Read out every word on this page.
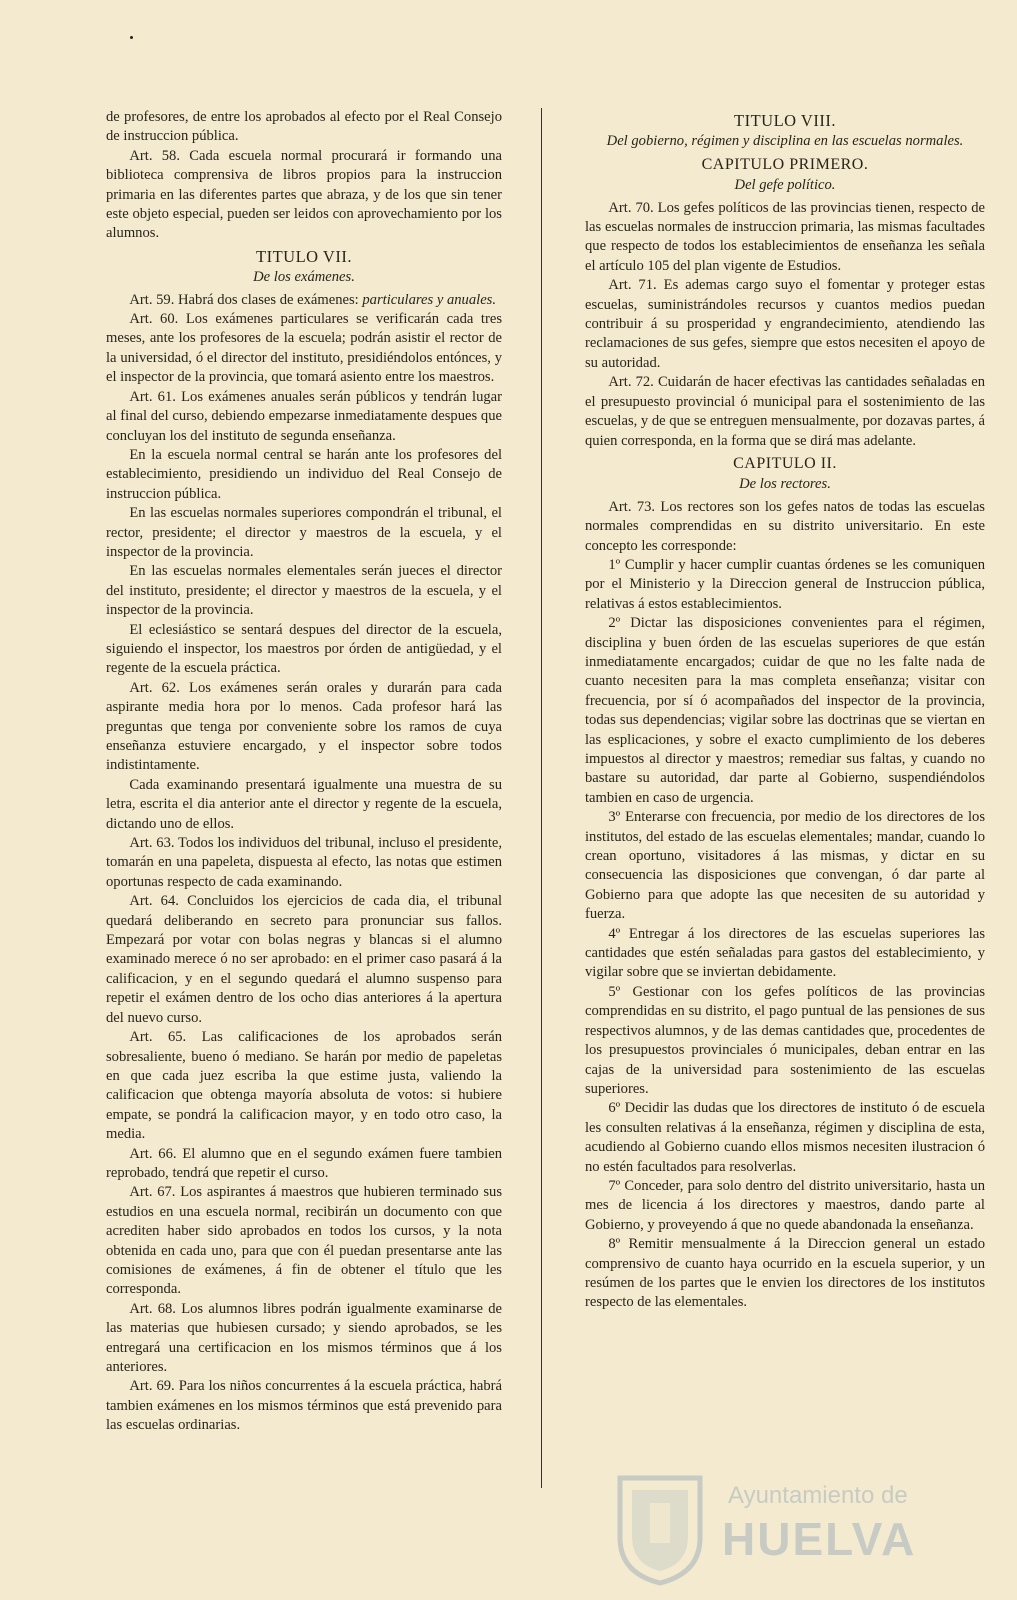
de profesores, de entre los aprobados al efecto por el Real Consejo de instruccion pública.

Art. 58. Cada escuela normal procurará ir formando una biblioteca comprensiva de libros propios para la instruccion primaria en las diferentes partes que abraza, y de los que sin tener este objeto especial, pueden ser leidos con aprovechamiento por los alumnos.

TITULO VII.
De los exámenes.

Art. 59. Habrá dos clases de exámenes: particulares y anuales.

Art. 60. Los exámenes particulares se verificarán cada tres meses, ante los profesores de la escuela; podrán asistir el rector de la universidad, ó el director del instituto, presidiéndolos entónces, y el inspector de la provincia, que tomará asiento entre los maestros.

Art. 61. Los exámenes anuales serán públicos y tendrán lugar al final del curso, debiendo empezarse inmediatamente despues que concluyan los del instituto de segunda enseñanza.

En la escuela normal central se harán ante los profesores del establecimiento, presidiendo un individuo del Real Consejo de instruccion pública.

En las escuelas normales superiores compondrán el tribunal, el rector, presidente; el director y maestros de la escuela, y el inspector de la provincia.

En las escuelas normales elementales serán jueces el director del instituto, presidente; el director y maestros de la escuela, y el inspector de la provincia.

El eclesiástico se sentará despues del director de la escuela, siguiendo el inspector, los maestros por órden de antigüedad, y el regente de la escuela práctica.

Art. 62. Los exámenes serán orales y durarán para cada aspirante media hora por lo menos. Cada profesor hará las preguntas que tenga por conveniente sobre los ramos de cuya enseñanza estuviere encargado, y el inspector sobre todos indistintamente.

Cada examinando presentará igualmente una muestra de su letra, escrita el dia anterior ante el director y regente de la escuela, dictando uno de ellos.

Art. 63. Todos los individuos del tribunal, incluso el presidente, tomarán en una papeleta, dispuesta al efecto, las notas que estimen oportunas respecto de cada examinando.

Art. 64. Concluidos los ejercicios de cada dia, el tribunal quedará deliberando en secreto para pronunciar sus fallos. Empezará por votar con bolas negras y blancas si el alumno examinado merece ó no ser aprobado: en el primer caso pasará á la calificacion, y en el segundo quedará el alumno suspenso para repetir el exámen dentro de los ocho dias anteriores á la apertura del nuevo curso.

Art. 65. Las calificaciones de los aprobados serán sobresaliente, bueno ó mediano. Se harán por medio de papeletas en que cada juez escriba la que estime justa, valiendo la calificacion que obtenga mayoría absoluta de votos: si hubiere empate, se pondrá la calificacion mayor, y en todo otro caso, la media.

Art. 66. El alumno que en el segundo exámen fuere tambien reprobado, tendrá que repetir el curso.

Art. 67. Los aspirantes á maestros que hubieren terminado sus estudios en una escuela normal, recibirán un documento con que acrediten haber sido aprobados en todos los cursos, y la nota obtenida en cada uno, para que con él puedan presentarse ante las comisiones de exámenes, á fin de obtener el título que les corresponda.

Art. 68. Los alumnos libres podrán igualmente examinarse de las materias que hubiesen cursado; y siendo aprobados, se les entregará una certificacion en los mismos términos que á los anteriores.

Art. 69. Para los niños concurrentes á la escuela práctica, habrá tambien exámenes en los mismos términos que está prevenido para las escuelas ordinarias.

TITULO VIII.
Del gobierno, régimen y disciplina en las escuelas normales.
CAPITULO PRIMERO.
Del gefe político.

Art. 70. Los gefes políticos de las provincias tienen, respecto de las escuelas normales de instruccion primaria, las mismas facultades que respecto de todos los establecimientos de enseñanza les señala el artículo 105 del plan vigente de Estudios.

Art. 71. Es ademas cargo suyo el fomentar y proteger estas escuelas, suministrándoles recursos y cuantos medios puedan contribuir á su prosperidad y engrandecimiento, atendiendo las reclamaciones de sus gefes, siempre que estos necesiten el apoyo de su autoridad.

Art. 72. Cuidarán de hacer efectivas las cantidades señaladas en el presupuesto provincial ó municipal para el sostenimiento de las escuelas, y de que se entreguen mensualmente, por dozavas partes, á quien corresponda, en la forma que se dirá mas adelante.

CAPITULO II.
De los rectores.

Art. 73. Los rectores son los gefes natos de todas las escuelas normales comprendidas en su distrito universitario. En este concepto les corresponde:

1º Cumplir y hacer cumplir cuantas órdenes se les comuniquen por el Ministerio y la Direccion general de Instruccion pública, relativas á estos establecimientos.

2º Dictar las disposiciones convenientes para el régimen, disciplina y buen órden de las escuelas superiores de que están inmediatamente encargados; cuidar de que no les falte nada de cuanto necesiten para la mas completa enseñanza; visitar con frecuencia, por sí ó acompañados del inspector de la provincia, todas sus dependencias; vigilar sobre las doctrinas que se viertan en las esplicaciones, y sobre el exacto cumplimiento de los deberes impuestos al director y maestros; remediar sus faltas, y cuando no bastare su autoridad, dar parte al Gobierno, suspendiéndolos tambien en caso de urgencia.

3º Enterarse con frecuencia, por medio de los directores de los institutos, del estado de las escuelas elementales; mandar, cuando lo crean oportuno, visitadores á las mismas, y dictar en su consecuencia las disposiciones que convengan, ó dar parte al Gobierno para que adopte las que necesiten de su autoridad y fuerza.

4º Entregar á los directores de las escuelas superiores las cantidades que estén señaladas para gastos del establecimiento, y vigilar sobre que se inviertan debidamente.

5º Gestionar con los gefes políticos de las provincias comprendidas en su distrito, el pago puntual de las pensiones de sus respectivos alumnos, y de las demas cantidades que, procedentes de los presupuestos provinciales ó municipales, deban entrar en las cajas de la universidad para sostenimiento de las escuelas superiores.

6º Decidir las dudas que los directores de instituto ó de escuela les consulten relativas á la enseñanza, régimen y disciplina de esta, acudiendo al Gobierno cuando ellos mismos necesiten ilustracion ó no estén facultados para resolverlas.

7º Conceder, para solo dentro del distrito universitario, hasta un mes de licencia á los directores y maestros, dando parte al Gobierno, y proveyendo á que no quede abandonada la enseñanza.

8º Remitir mensualmente á la Direccion general un estado comprensivo de cuanto haya ocurrido en la escuela superior, y un resúmen de los partes que le envien los directores de los institutos respecto de las elementales.

Ayuntamiento de
HUELVA
